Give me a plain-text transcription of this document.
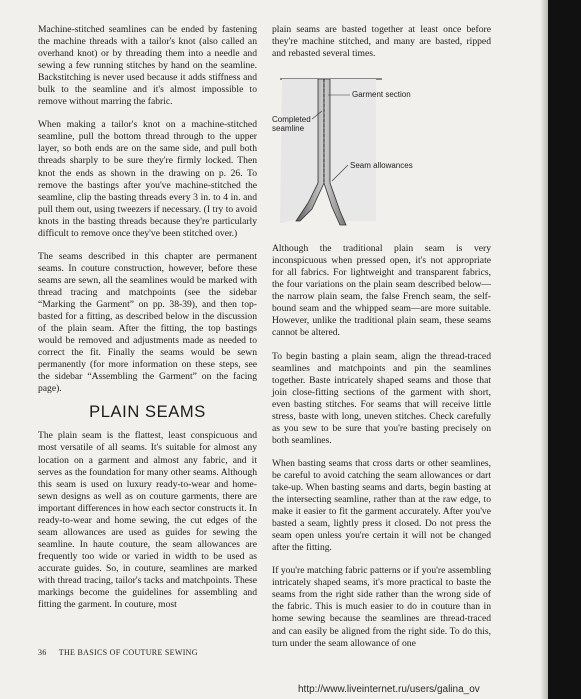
Machine-stitched seamlines can be ended by fastening the machine threads with a tailor's knot (also called an overhand knot) or by threading them into a needle and sewing a few running stitches by hand on the seamline. Backstitching is never used because it adds stiffness and bulk to the seamline and it's almost impossible to remove without marring the fabric.

When making a tailor's knot on a machine-stitched seamline, pull the bottom thread through to the upper layer, so both ends are on the same side, and pull both threads sharply to be sure they're firmly locked. Then knot the ends as shown in the drawing on p. 26. To remove the bastings after you've machine-stitched the seamline, clip the basting threads every 3 in. to 4 in. and pull them out, using tweezers if necessary. (I try to avoid knots in the basting threads because they're particularly difficult to remove once they've been stitched over.)

The seams described in this chapter are permanent seams. In couture construction, however, before these seams are sewn, all the seamlines would be marked with thread tracing and matchpoints (see the sidebar “Marking the Garment” on pp. 38-39), and then top-basted for a fitting, as described below in the discussion of the plain seam. After the fitting, the top bastings would be removed and adjustments made as needed to correct the fit. Finally the seams would be sewn permanently (for more information on these steps, see the sidebar “Assembling the Garment” on the facing page).

PLAIN SEAMS

The plain seam is the flattest, least conspicuous and most versatile of all seams. It's suitable for almost any location on a garment and almost any fabric, and it serves as the foundation for many other seams. Although this seam is used on luxury ready-to-wear and home-sewn designs as well as on couture garments, there are important differences in how each sector constructs it. In ready-to-wear and home sewing, the cut edges of the seam allowances are used as guides for sewing the seamline. In haute couture, the seam allowances are frequently too wide or varied in width to be used as accurate guides. So, in couture, seamlines are marked with thread tracing, tailor's tacks and matchpoints. These markings become the guidelines for assembling and fitting the garment. In couture, most

plain seams are basted together at least once before they're machine stitched, and many are basted, ripped and rebasted several times.

Garment section
Completed seamline
Seam allowances

Although the traditional plain seam is very inconspicuous when pressed open, it's not appropriate for all fabrics. For lightweight and transparent fabrics, the four variations on the plain seam described below—the narrow plain seam, the false French seam, the self-bound seam and the whipped seam—are more suitable. However, unlike the traditional plain seam, these seams cannot be altered.

To begin basting a plain seam, align the thread-traced seamlines and matchpoints and pin the seamlines together. Baste intricately shaped seams and those that join close-fitting sections of the garment with short, even basting stitches. For seams that will receive little stress, baste with long, uneven stitches. Check carefully as you sew to be sure that you're basting precisely on both seamlines.

When basting seams that cross darts or other seamlines, be careful to avoid catching the seam allowances or dart take-up. When basting seams and darts, begin basting at the intersecting seamline, rather than at the raw edge, to make it easier to fit the garment accurately. After you've basted a seam, lightly press it closed. Do not press the seam open unless you're certain it will not be changed after the fitting.

If you're matching fabric patterns or if you're assembling intricately shaped seams, it's more practical to baste the seams from the right side rather than the wrong side of the fabric. This is much easier to do in couture than in home sewing because the seamlines are thread-traced and can easily be aligned from the right side. To do this, turn under the seam allowance of one

36 THE BASICS OF COUTURE SEWING
http://www.liveinternet.ru/users/galina_ov
